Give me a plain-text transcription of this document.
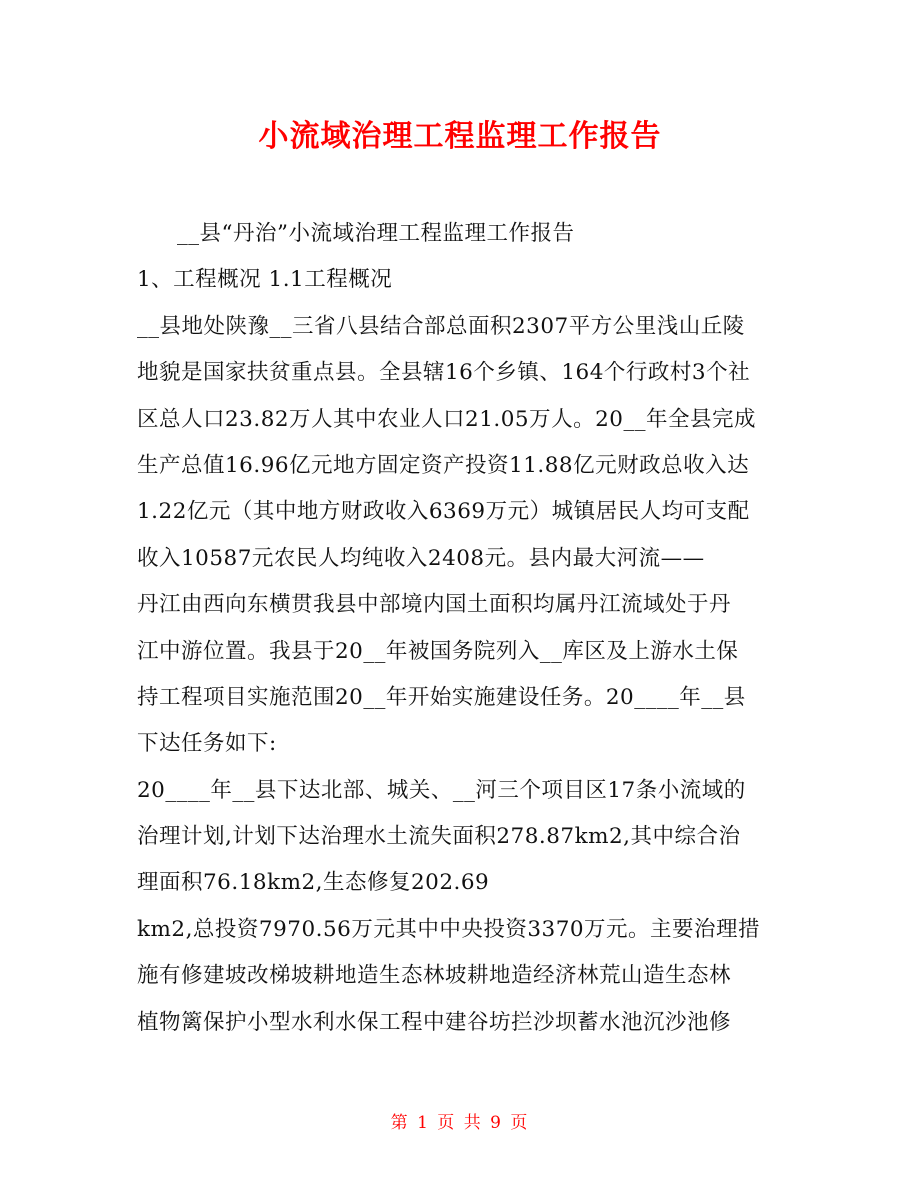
小流域治理工程监理工作报告
__县“丹治”小流域治理工程监理工作报告
1、工程概况 1.1工程概况
__县地处陕豫__三省八县结合部总面积2307平方公里浅山丘陵
地貌是国家扶贫重点县。全县辖16个乡镇、164个行政村3个社
区总人口23.82万人其中农业人口21.05万人。20__年全县完成
生产总值16.96亿元地方固定资产投资11.88亿元财政总收入达
1.22亿元（其中地方财政收入6369万元）城镇居民人均可支配
收入10587元农民人均纯收入2408元。县内最大河流——
丹江由西向东横贯我县中部境内国土面积均属丹江流域处于丹
江中游位置。我县于20__年被国务院列入__库区及上游水土保
持工程项目实施范围20__年开始实施建设任务。20____年__县
下达任务如下:
20____年__县下达北部、城关、__河三个项目区17条小流域的
治理计划,计划下达治理水土流失面积278.87km2,其中综合治
理面积76.18km2,生态修复202.69
km2,总投资7970.56万元其中中央投资3370万元。主要治理措
施有修建坡改梯坡耕地造生态林坡耕地造经济林荒山造生态林
植物篱保护小型水利水保工程中建谷坊拦沙坝蓄水池沉沙池修
第 1 页 共 9 页
